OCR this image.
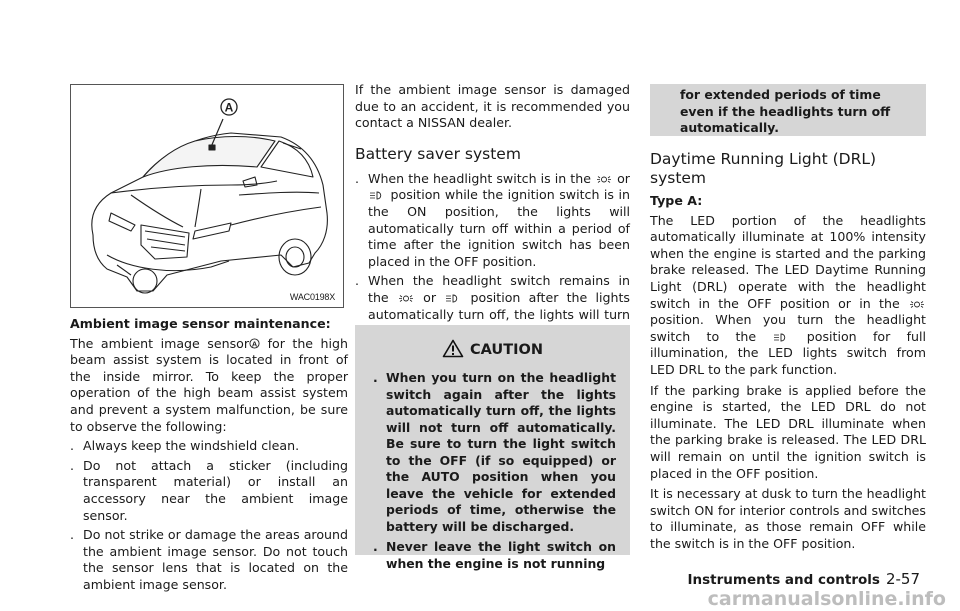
A
WAC0198X

Ambient image sensor maintenance:

The ambient image sensor A for the high beam assist system is located in front of the inside mirror. To keep the proper operation of the high beam assist system and prevent a system malfunction, be sure to observe the following:

. Always keep the windshield clean.
. Do not attach a sticker (including transparent material) or install an accessory near the ambient image sensor.
. Do not strike or damage the areas around the ambient image sensor. Do not touch the sensor lens that is located on the ambient image sensor.

If the ambient image sensor is damaged due to an accident, it is recommended you contact a NISSAN dealer.

Battery saver system
. When the headlight switch is in the or  position while the ignition switch is in the ON position, the lights will automatically turn off within a period of time after the ignition switch has been placed in the OFF position.
. When the headlight switch remains in the	or	position after the lights automatically turn off, the lights will turn
CAUTION
. When you turn on the headlight switch again after the lights automatically turn off, the lights will not turn off automatically. Be sure to turn the light switch to the OFF (if so equipped) or the AUTO position when you leave the vehicle for extended periods of time, otherwise the battery will be discharged.
. Never leave the light switch on when the engine is not running

for extended periods of time even if the headlights turn off automatically.

Daytime Running Light (DRL) system

Type A:

The LED portion of the headlights automatically illuminate at 100% intensity when the engine is started and the parking brake released. The LED Daytime Running Light (DRL) operate with the headlight switch in the OFF position or in the  position. When you turn the headlight switch to the	position for full illumination, the LED lights switch from LED DRL to the park function.

If the parking brake is applied before the engine is started, the LED DRL do not illuminate. The LED DRL illuminate when the parking brake is released. The LED DRL will remain on until the ignition switch is placed in the OFF position.

It is necessary at dusk to turn the headlight switch ON for interior controls and switches to illuminate, as those remain OFF while the switch is in the OFF position.

Instruments and controls 2-57
carmanualsonline.info
